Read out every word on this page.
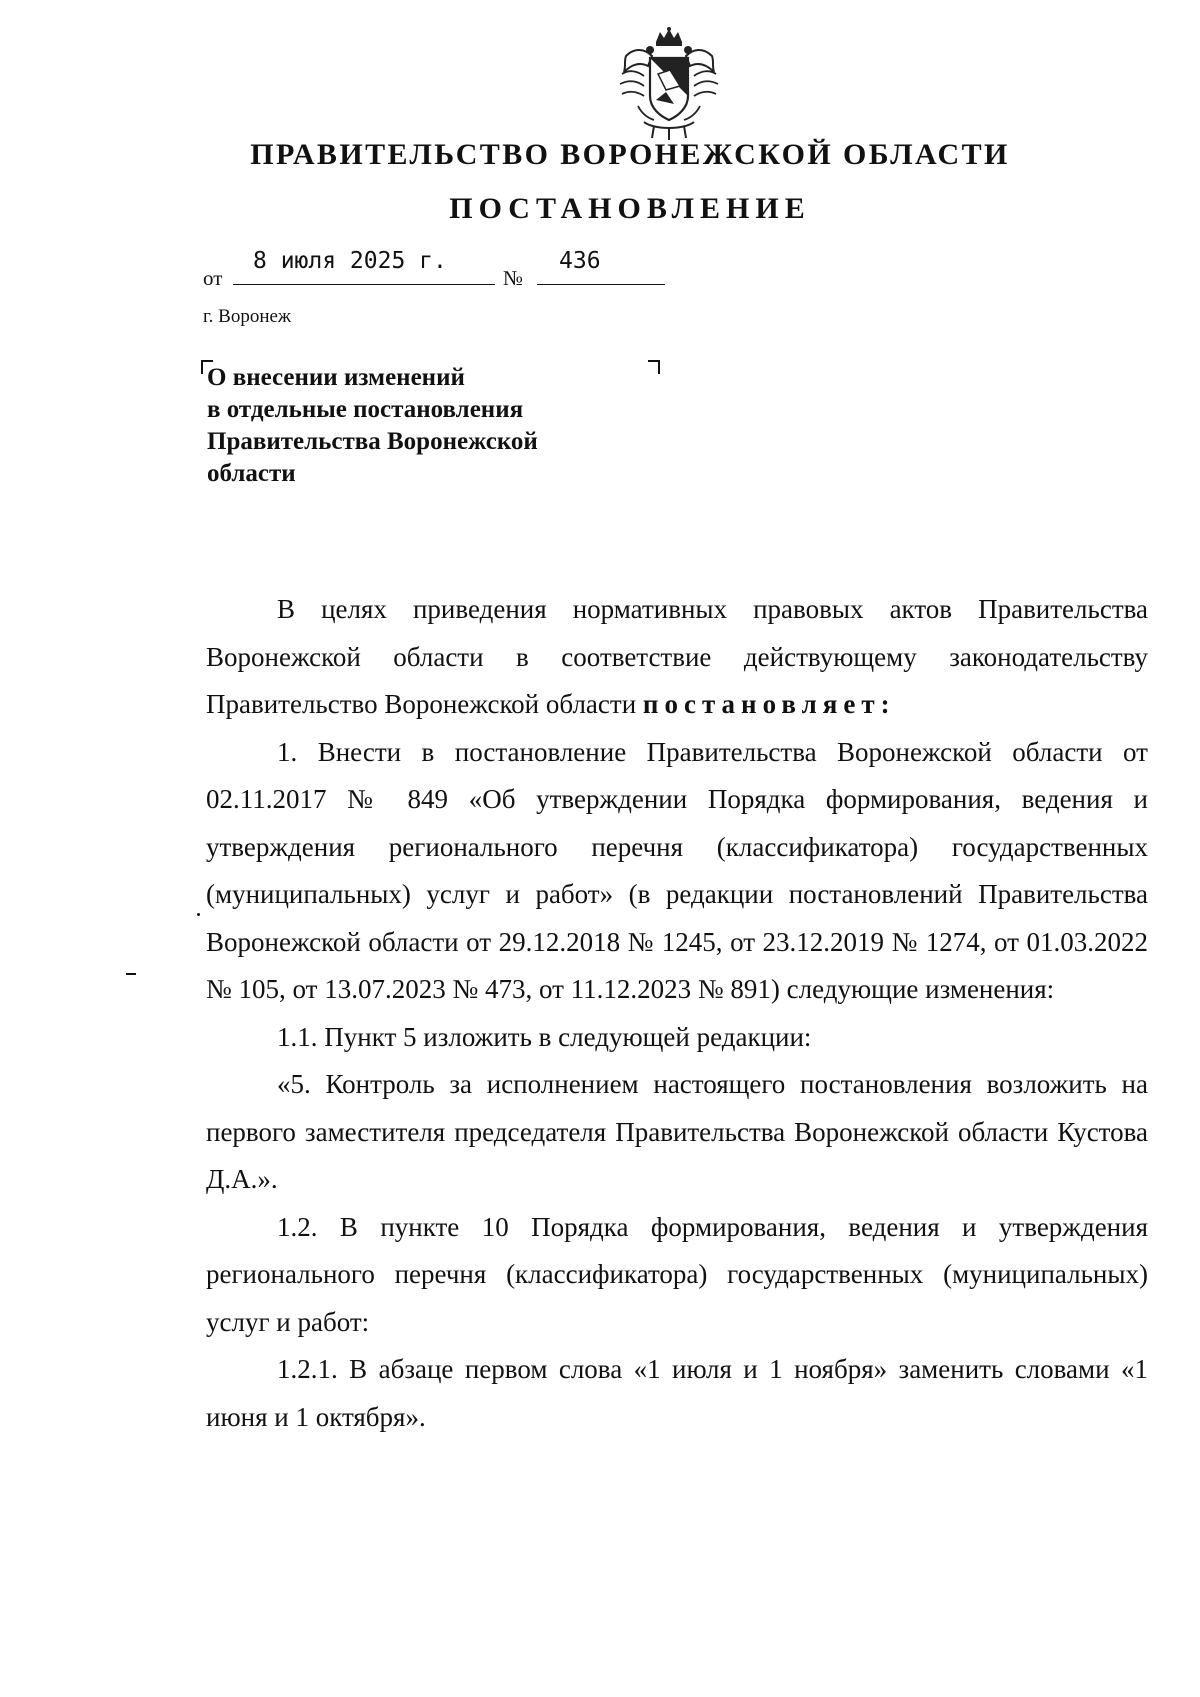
ПРАВИТЕЛЬСТВО ВОРОНЕЖСКОЙ ОБЛАСТИ
ПОСТАНОВЛЕНИЕ
от
8 июля 2025 г.
№
436
г. Воронеж
О внесении изменений
в отдельные постановления
Правительства Воронежской
области

В целях приведения нормативных правовых актов Правительства Воронежской области в соответствие действующему законодательству Правительство Воронежской области постановляет:

1. Внести в постановление Правительства Воронежской области от 02.11.2017 № 849 «Об утверждении Порядка формирования, ведения и утверждения регионального перечня (классификатора) государственных (муниципальных) услуг и работ» (в редакции постановлений Правительства Воронежской области от 29.12.2018 № 1245, от 23.12.2019 № 1274, от 01.03.2022 № 105, от 13.07.2023 № 473, от 11.12.2023 № 891) следующие изменения:

1.1. Пункт 5 изложить в следующей редакции:

«5. Контроль за исполнением настоящего постановления возложить на первого заместителя председателя Правительства Воронежской области Кустова Д.А.».

1.2. В пункте 10 Порядка формирования, ведения и утверждения регионального перечня (классификатора) государственных (муниципальных) услуг и работ:

1.2.1. В абзаце первом слова «1 июля и 1 ноября» заменить словами «1 июня и 1 октября».
